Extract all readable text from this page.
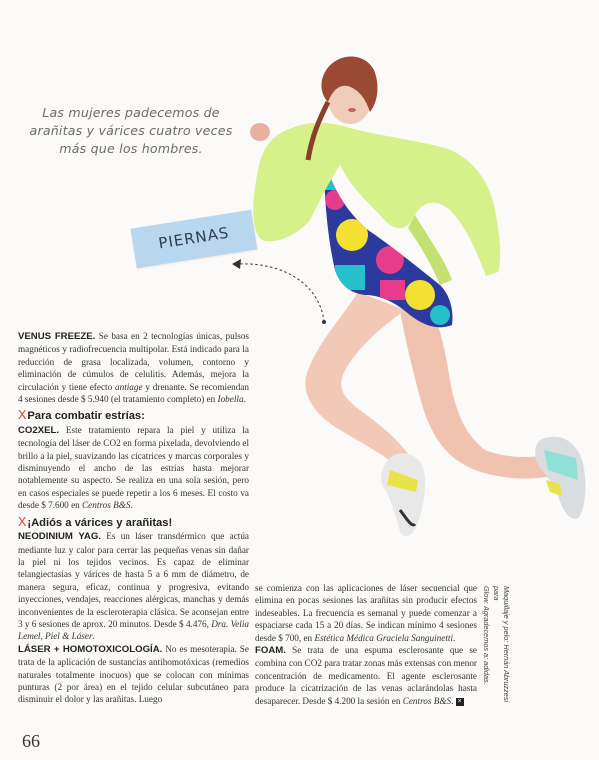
Las mujeres padecemos de
arañitas y várices cuatro veces
más que los hombres.
PIERNAS

VENUS FREEZE. Se basa en 2 tecnologías únicas, pulsos magnéticos y radiofrecuencia multipolar. Está indicado para la reducción de grasa localizada, volumen, contorno y eliminación de cúmulos de celulitis. Además, mejora la circulación y tiene efecto antiage y drenante. Se recomiendan 4 sesiones desde $ 5.940 (el tratamiento completo) en Iobella.

XPara combatir estrías:

CO2XEL. Este tratamiento repara la piel y utiliza la tecnología del láser de CO2 en forma pixelada, devolviendo el brillo a la piel, suavizando las cicatrices y marcas corporales y disminuyendo el ancho de las estrías hasta mejorar notablemente su aspecto. Se realiza en una sola sesión, pero en casos especiales se puede repetir a los 6 meses. El costo va desde $ 7.600 en Centros B&S.

X¡Adiós a várices y arañitas!

NEODINIUM YAG. Es un láser transdérmico que actúa mediante luz y calor para cerrar las pequeñas venas sin dañar la piel ni los tejidos vecinos. Es capaz de eliminar telangiectasias y várices de hasta 5 a 6 mm de diámetro, de manera segura, eficaz, continua y progresiva, evitando inyecciones, vendajes, reacciones alérgicas, manchas y demás inconvenientes de la escleroterapia clásica. Se aconsejan entre 3 y 6 sesiones de aprox. 20 minutos. Desde $ 4.476, Dra. Velia Lemel, Piel & Láser.

LÁSER + HOMOTOXICOLOGÍA. No es mesoterapia. Se trata de la aplicación de sustancias antihomotóxicas (remedios naturales totalmente inocuos) que se colocan con mínimas punturas (2 por área) en el tejido celular subcutáneo para disminuir el dolor y las arañitas. Luego

se comienza con las aplicaciones de láser secuencial que elimina en pocas sesiones las arañitas sin producir efectos indeseables. La frecuencia es semanal y puede comenzar a espaciarse cada 15 a 20 días. Se indican mínimo 4 sesiones desde $ 700, en Estética Médica Graciela Sanguinetti.

FOAM. Se trata de una espuma esclerosante que se combina con CO2 para tratar zonas más extensas con menor concentración de medicamento. El agente esclerosante produce la cicatrización de las venas aclarándolas hasta desaparecer. Desde $ 4.200 la sesión en Centros B&S. ×	Maquillaje y pelo: Hernán Abruzzesi para
Glow. Agradecemos a: adidas.
66
